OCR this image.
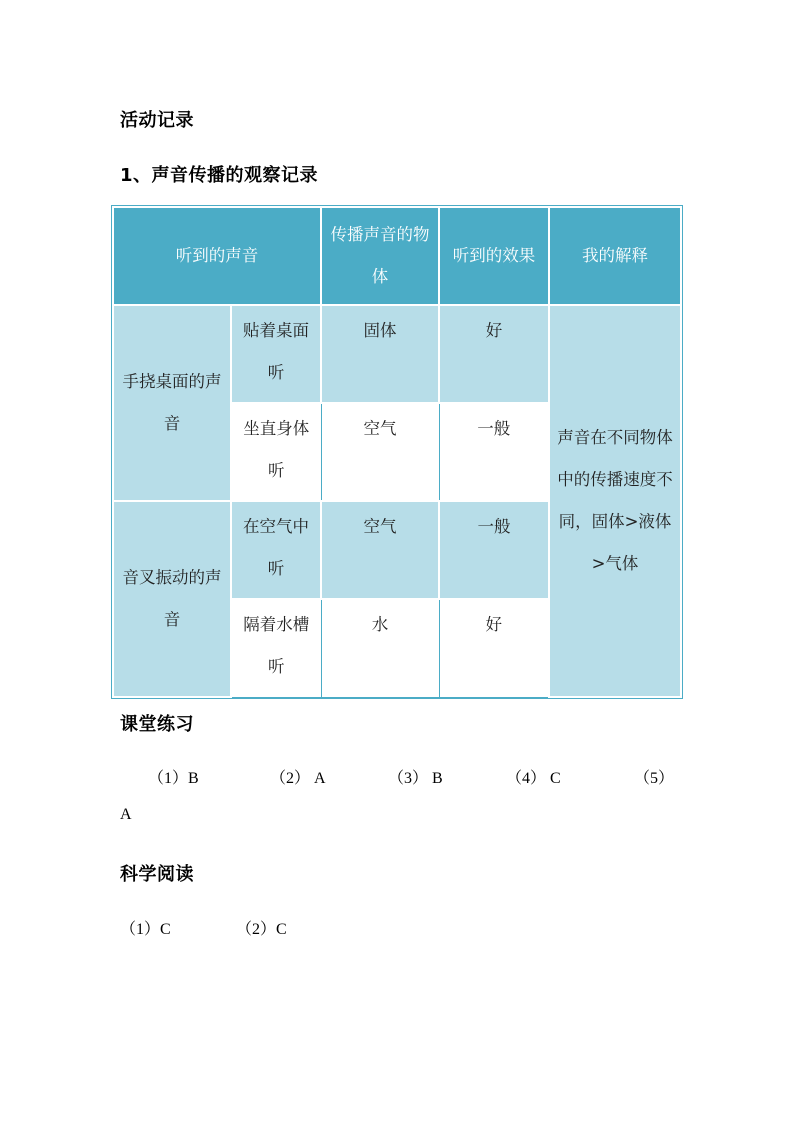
活动记录
1、声音传播的观察记录
听到的声音		传播声音的物体	听到的效果	我的解释
手挠桌面的声音	贴着桌面听	固体	好	声音在不同物体中的传播速度不同，固体>液体>气体
	坐直身体听	空气	一般	
音叉振动的声音	在空气中听	空气	一般	
	隔着水槽听	水	好	
课堂练习
（1）B	（2） A	（3） B	（4） C	（5）
A
科学阅读
（1）C	（2）C
